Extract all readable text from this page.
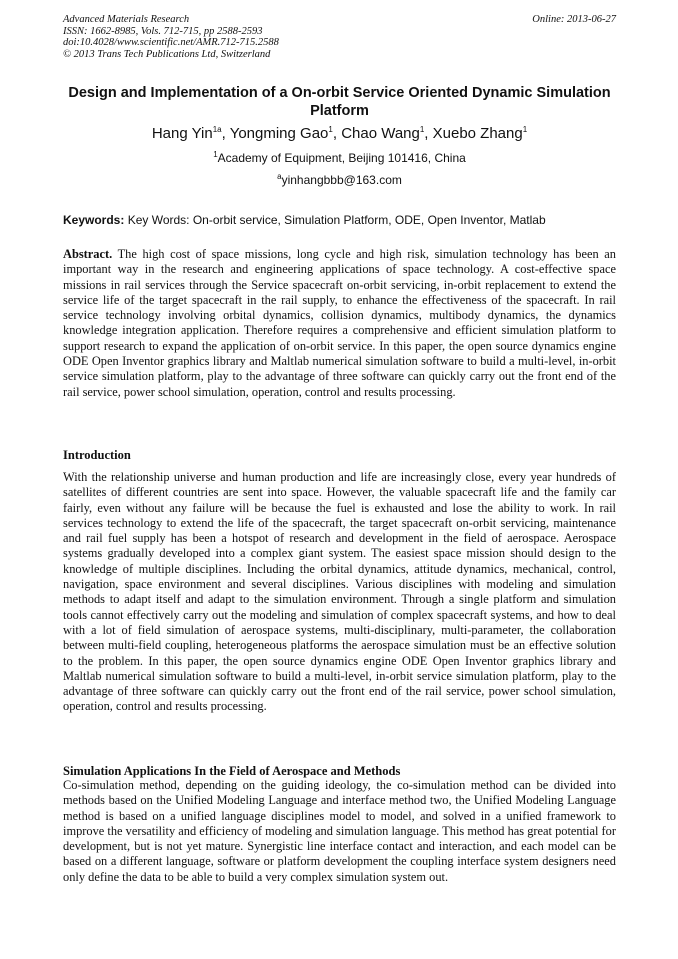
Advanced Materials Research
ISSN: 1662-8985, Vols. 712-715, pp 2588-2593
doi:10.4028/www.scientific.net/AMR.712-715.2588
© 2013 Trans Tech Publications Ltd, Switzerland
Online: 2013-06-27
Design and Implementation of a On-orbit Service Oriented Dynamic Simulation Platform
Hang Yin$^{1a}$, Yongming Gao$^1$, Chao Wang$^1$, Xuebo Zhang$^1$
$^1$Academy of Equipment, Beijing 101416, China
$^a$yinhangbbb@163.com
Keywords: Key Words: On-orbit service, Simulation Platform, ODE, Open Inventor, Matlab
Abstract. The high cost of space missions, long cycle and high risk, simulation technology has been an important way in the research and engineering applications of space technology. A cost-effective space missions in rail services through the Service spacecraft on-orbit servicing, in-orbit replacement to extend the service life of the target spacecraft in the rail supply, to enhance the effectiveness of the spacecraft. In rail service technology involving orbital dynamics, collision dynamics, multibody dynamics, the dynamics knowledge integration application. Therefore requires a comprehensive and efficient simulation platform to support research to expand the application of on-orbit service. In this paper, the open source dynamics engine ODE Open Inventor graphics library and Maltlab numerical simulation software to build a multi-level, in-orbit service simulation platform, play to the advantage of three software can quickly carry out the front end of the rail service, power school simulation, operation, control and results processing.
Introduction
With the relationship universe and human production and life are increasingly close, every year hundreds of satellites of different countries are sent into space. However, the valuable spacecraft life and the family car fairly, even without any failure will be because the fuel is exhausted and lose the ability to work. In rail services technology to extend the life of the spacecraft, the target spacecraft on-orbit servicing, maintenance and rail fuel supply has been a hotspot of research and development in the field of aerospace. Aerospace systems gradually developed into a complex giant system. The easiest space mission should design to the knowledge of multiple disciplines. Including the orbital dynamics, attitude dynamics, mechanical, control, navigation, space environment and several disciplines. Various disciplines with modeling and simulation methods to adapt itself and adapt to the simulation environment. Through a single platform and simulation tools cannot effectively carry out the modeling and simulation of complex spacecraft systems, and how to deal with a lot of field simulation of aerospace systems, multi-disciplinary, multi-parameter, the collaboration between multi-field coupling, heterogeneous platforms the aerospace simulation must be an effective solution to the problem. In this paper, the open source dynamics engine ODE Open Inventor graphics library and Maltlab numerical simulation software to build a multi-level, in-orbit service simulation platform, play to the advantage of three software can quickly carry out the front end of the rail service, power school simulation, operation, control and results processing.
Simulation Applications In the Field of Aerospace and Methods
Co-simulation method, depending on the guiding ideology, the co-simulation method can be divided into methods based on the Unified Modeling Language and interface method two, the Unified Modeling Language method is based on a unified language disciplines model to model, and solved in a unified framework to improve the versatility and efficiency of modeling and simulation language. This method has great potential for development, but is not yet mature. Synergistic line interface contact and interaction, and each model can be based on a different language, software or platform development the coupling interface system designers need only define the data to be able to build a very complex simulation system out.
